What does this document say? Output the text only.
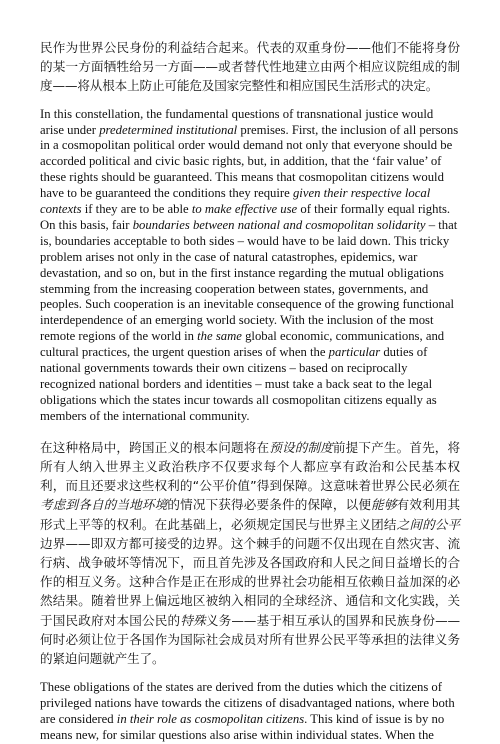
民作为世界公民身份的利益结合起来。代表的双重身份——他们不能将身份的某一方面牺牲给另一方面——或者替代性地建立由两个相应议院组成的制度——将从根本上防止可能危及国家完整性和相应国民生活形式的决定。

In this constellation, the fundamental questions of transnational justice would arise under predetermined institutional premises. First, the inclusion of all persons in a cosmopolitan political order would demand not only that everyone should be accorded political and civic basic rights, but, in addition, that the ‘fair value’ of these rights should be guaranteed. This means that cosmopolitan citizens would have to be guaranteed the conditions they require given their respective local contexts if they are to be able to make effective use of their formally equal rights. On this basis, fair boundaries between national and cosmopolitan solidarity – that is, boundaries acceptable to both sides – would have to be laid down. This tricky problem arises not only in the case of natural catastrophes, epidemics, war devastation, and so on, but in the first instance regarding the mutual obligations stemming from the increasing cooperation between states, governments, and peoples. Such cooperation is an inevitable consequence of the growing functional interdependence of an emerging world society. With the inclusion of the most remote regions of the world in the same global economic, communications, and cultural practices, the urgent question arises of when the particular duties of national governments towards their own citizens – based on reciprocally recognized national borders and identities – must take a back seat to the legal obligations which the states incur towards all cosmopolitan citizens equally as members of the international community.

在这种格局中，跨国正义的根本问题将在预设的制度前提下产生。首先，将所有人纳入世界主义政治秩序不仅要求每个人都应享有政治和公民基本权利，而且还要求这些权利的“公平价值”得到保障。这意味着世界公民必须在考虑到各自的当地环境的情况下获得必要条件的保障，以便能够有效利用其形式上平等的权利。在此基础上，必须规定国民与世界主义团结之间的公平边界——即双方都可接受的边界。这个棘手的问题不仅出现在自然灾害、流行病、战争破坏等情况下，而且首先涉及各国政府和人民之间日益增长的合作的相互义务。这种合作是正在形成的世界社会功能相互依赖日益加深的必然结果。随着世界上偏远地区被纳入相同的全球经济、通信和文化实践，关于国民政府对本国公民的特殊义务——基于相互承认的国界和民族身份——何时必须让位于各国作为国际社会成员对所有世界公民平等承担的法律义务的紧迫问题就产生了。

These obligations of the states are derived from the duties which the citizens of privileged nations have towards the citizens of disadvantaged nations, where both are considered in their role as cosmopolitan citizens. This kind of issue is by no means new, for similar questions also arise within individual states. When the
